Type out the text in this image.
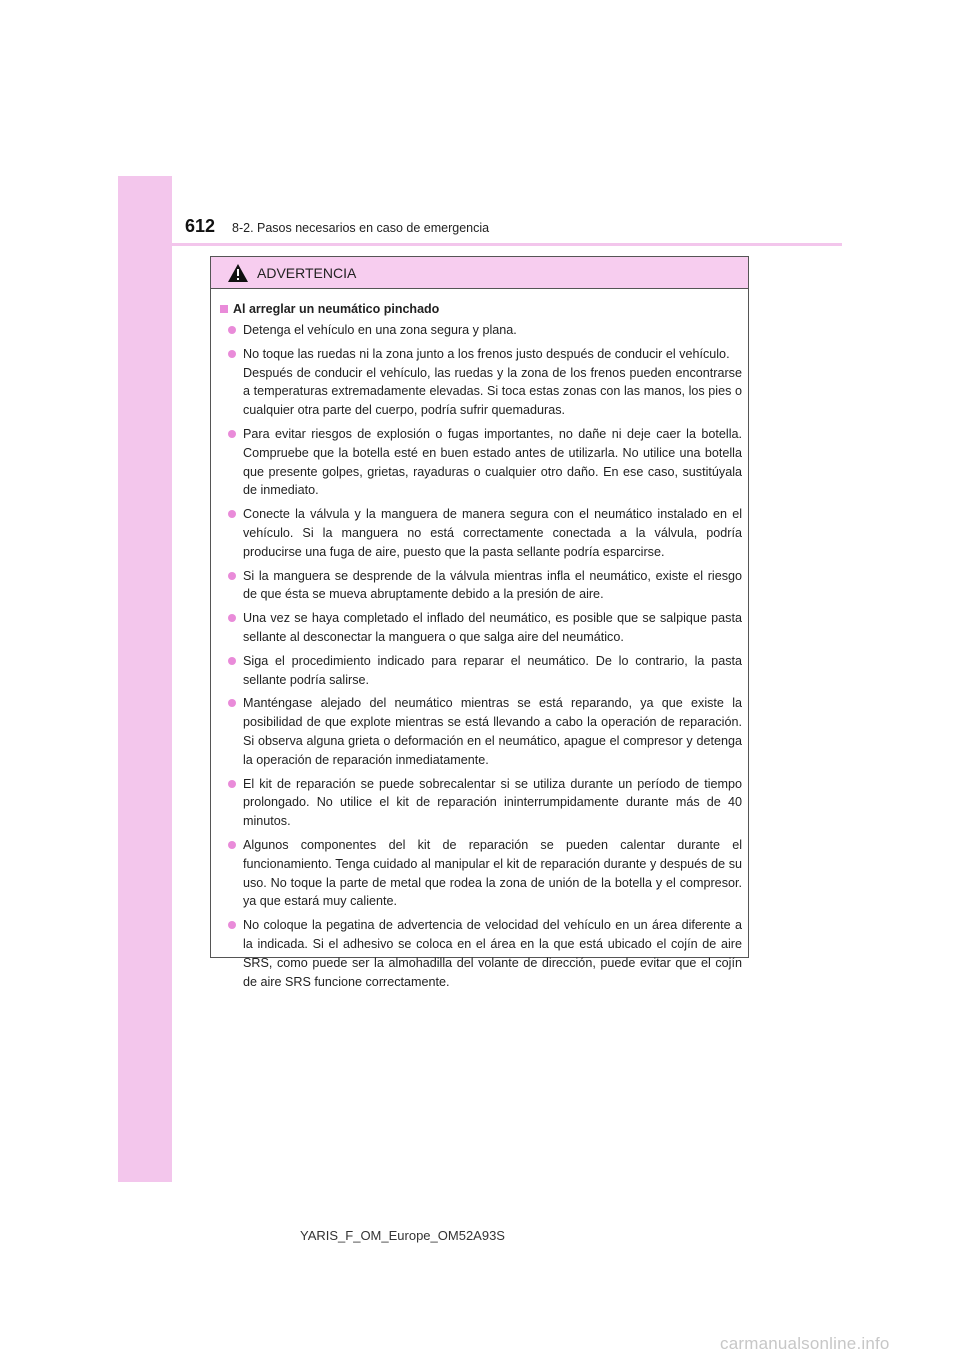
612 8-2. Pasos necesarios en caso de emergencia
ADVERTENCIA
Al arreglar un neumático pinchado
Detenga el vehículo en una zona segura y plana.
No toque las ruedas ni la zona junto a los frenos justo después de conducir el vehículo.
Después de conducir el vehículo, las ruedas y la zona de los frenos pueden encontrarse a temperaturas extremadamente elevadas. Si toca estas zonas con las manos, los pies o cualquier otra parte del cuerpo, podría sufrir quemaduras.
Para evitar riesgos de explosión o fugas importantes, no dañe ni deje caer la botella. Compruebe que la botella esté en buen estado antes de utilizarla. No utilice una botella que presente golpes, grietas, rayaduras o cualquier otro daño. En ese caso, sustitúyala de inmediato.
Conecte la válvula y la manguera de manera segura con el neumático instalado en el vehículo. Si la manguera no está correctamente conectada a la válvula, podría producirse una fuga de aire, puesto que la pasta sellante podría esparcirse.
Si la manguera se desprende de la válvula mientras infla el neumático, existe el riesgo de que ésta se mueva abruptamente debido a la presión de aire.
Una vez se haya completado el inflado del neumático, es posible que se salpique pasta sellante al desconectar la manguera o que salga aire del neumático.
Siga el procedimiento indicado para reparar el neumático. De lo contrario, la pasta sellante podría salirse.
Manténgase alejado del neumático mientras se está reparando, ya que existe la posibilidad de que explote mientras se está llevando a cabo la operación de reparación. Si observa alguna grieta o deformación en el neumático, apague el compresor y detenga la operación de reparación inmediatamente.
El kit de reparación se puede sobrecalentar si se utiliza durante un período de tiempo prolongado. No utilice el kit de reparación ininterrumpidamente durante más de 40 minutos.
Algunos componentes del kit de reparación se pueden calentar durante el funcionamiento. Tenga cuidado al manipular el kit de reparación durante y después de su uso. No toque la parte de metal que rodea la zona de unión de la botella y el compresor. ya que estará muy caliente.
No coloque la pegatina de advertencia de velocidad del vehículo en un área diferente a la indicada. Si el adhesivo se coloca en el área en la que está ubicado el cojín de aire SRS, como puede ser la almohadilla del volante de dirección, puede evitar que el cojín de aire SRS funcione correctamente.
YARIS_F_OM_Europe_OM52A93S
carmanualsonline.info
